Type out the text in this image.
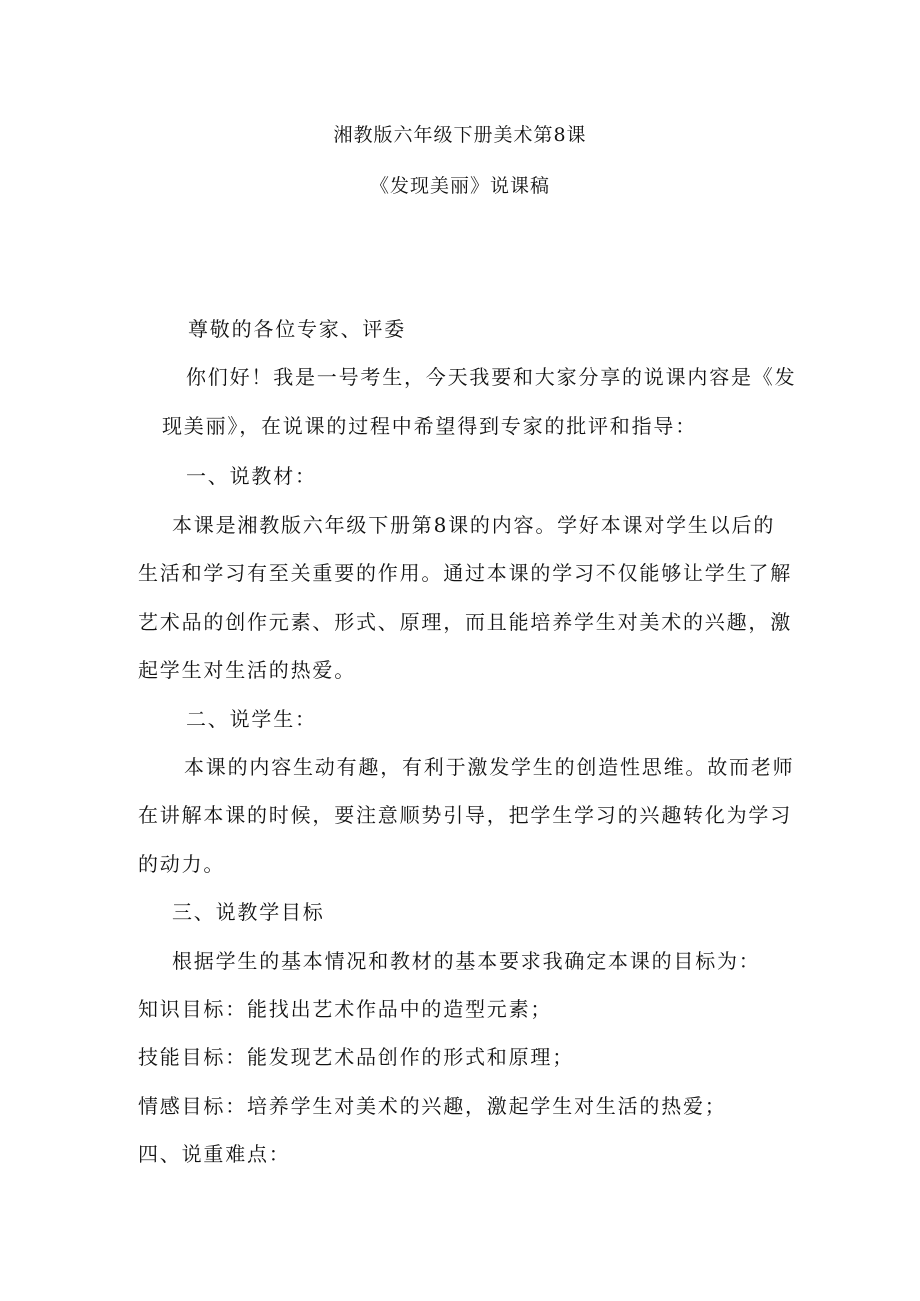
湘教版六年级下册美术第8课
《发现美丽》说课稿
尊敬的各位专家、评委
你们好！我是一号考生，今天我要和大家分享的说课内容是《发
现美丽》，在说课的过程中希望得到专家的批评和指导：
一、说教材：
本课是湘教版六年级下册第8课的内容。学好本课对学生以后的
生活和学习有至关重要的作用。通过本课的学习不仅能够让学生了解
艺术品的创作元素、形式、原理，而且能培养学生对美术的兴趣，激
起学生对生活的热爱。
二、说学生：
本课的内容生动有趣，有利于激发学生的创造性思维。故而老师
在讲解本课的时候，要注意顺势引导，把学生学习的兴趣转化为学习
的动力。
三、说教学目标
根据学生的基本情况和教材的基本要求我确定本课的目标为：
知识目标：能找出艺术作品中的造型元素；
技能目标：能发现艺术品创作的形式和原理；
情感目标：培养学生对美术的兴趣，激起学生对生活的热爱；
四、说重难点：
